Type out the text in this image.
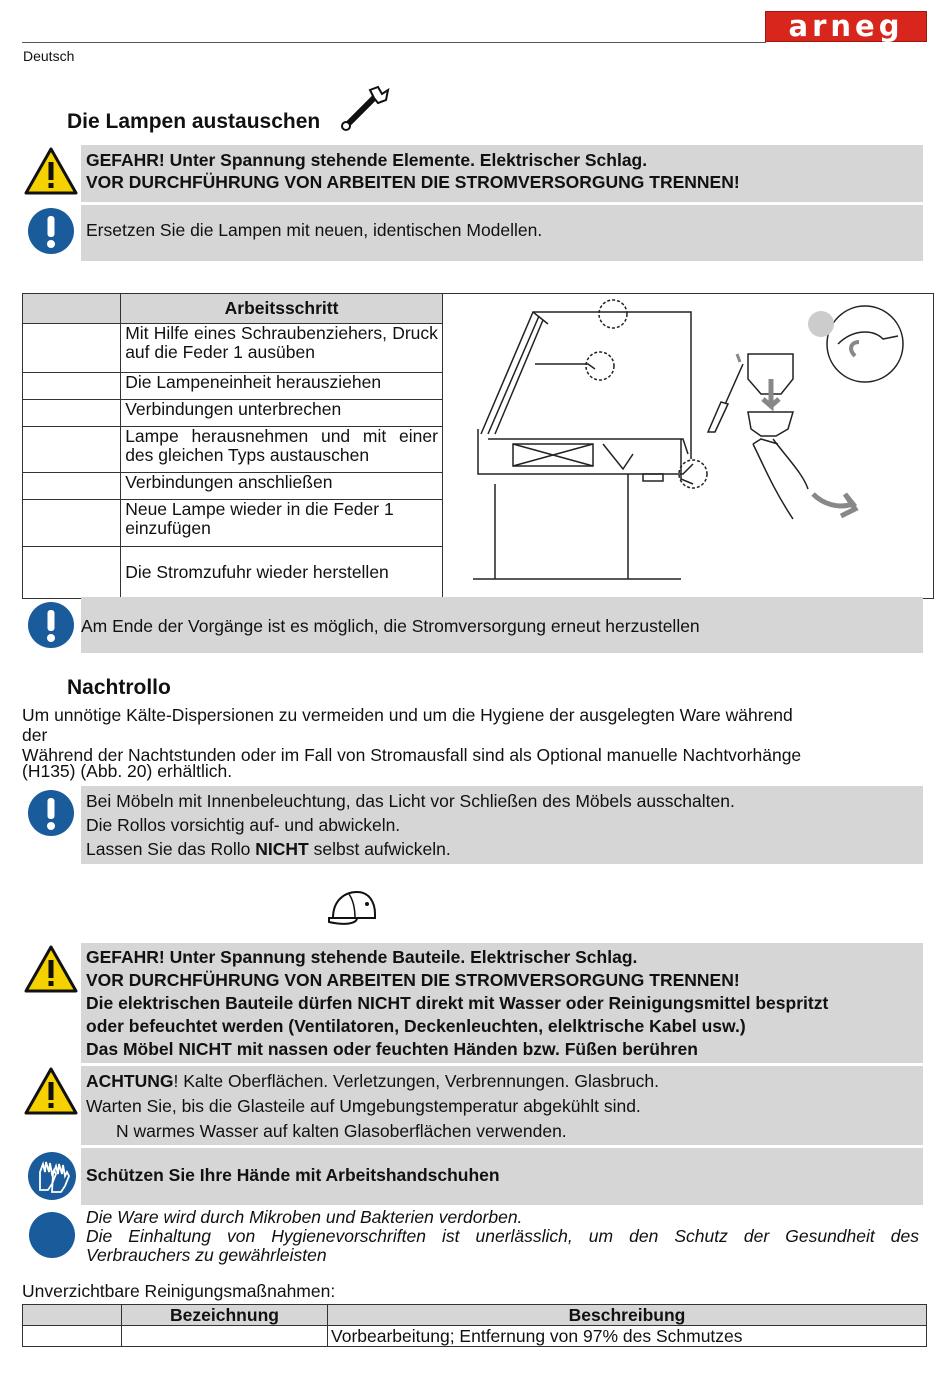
arneg
Deutsch
Die Lampen austauschen
GEFAHR! Unter Spannung stehende Elemente. Elektrischer Schlag.
VOR DURCHFÜHRUNG VON ARBEITEN DIE STROMVERSORGUNG TRENNEN!
Ersetzen Sie die Lampen mit neuen, identischen Modellen.
	Arbeitsschritt	
	Mit Hilfe eines Schraubenziehers, Druck auf die Feder 1 ausüben	
	Die Lampeneinheit herausziehen	
	Verbindungen unterbrechen	
	Lampe herausnehmen und mit einer des gleichen Typs austauschen	
	Verbindungen anschließen	
	Neue Lampe wieder in die Feder 1 einzufügen	
	Die Stromzufuhr wieder herstellen	
Am Ende der Vorgänge ist es möglich, die Stromversorgung erneut herzustellen
Nachtrollo
Um unnötige Kälte-Dispersionen zu vermeiden und um die Hygiene der ausgelegten Ware während
der
Während der Nachtstunden oder im Fall von Stromausfall sind als Optional manuelle Nachtvorhänge
(H135) (Abb. 20) erhältlich.
Bei Möbeln mit Innenbeleuchtung, das Licht vor Schließen des Möbels ausschalten.
Die Rollos vorsichtig auf- und abwickeln.
Lassen Sie das Rollo NICHT selbst aufwickeln.
GEFAHR! Unter Spannung stehende Bauteile. Elektrischer Schlag.
VOR DURCHFÜHRUNG VON ARBEITEN DIE STROMVERSORGUNG TRENNEN!
Die elektrischen Bauteile dürfen NICHT direkt mit Wasser oder Reinigungsmittel bespritzt
oder befeuchtet werden (Ventilatoren, Deckenleuchten, elelktrische Kabel usw.)
Das Möbel NICHT mit nassen oder feuchten Händen bzw. Füßen berühren
ACHTUNG! Kalte Oberflächen. Verletzungen, Verbrennungen. Glasbruch.
Warten Sie, bis die Glasteile auf Umgebungstemperatur abgekühlt sind.
N warmes Wasser auf kalten Glasoberflächen verwenden.
Schützen Sie Ihre Hände mit Arbeitshandschuhen
Die Ware wird durch Mikroben und Bakterien verdorben.
Die Einhaltung von Hygienevorschriften ist unerlässlich, um den Schutz der Gesundheit des
Verbrauchers zu gewährleisten
Unverzichtbare Reinigungsmaßnahmen:
	Bezeichnung	Beschreibung
		Vorbearbeitung; Entfernung von 97% des Schmutzes
